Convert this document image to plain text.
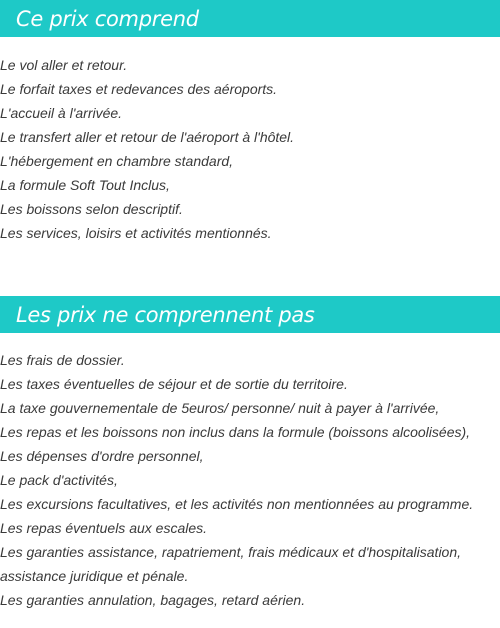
Ce prix comprend
Le vol aller et retour.
Le forfait taxes et redevances des aéroports.
L'accueil à l'arrivée.
Le transfert aller et retour de l'aéroport à l'hôtel.
L'hébergement en chambre standard,
La formule Soft Tout Inclus,
Les boissons selon descriptif.
Les services, loisirs et activités mentionnés.
Les prix ne comprennent pas
Les frais de dossier.
Les taxes éventuelles de séjour et de sortie du territoire.
La taxe gouvernementale de 5euros/ personne/ nuit à payer à l'arrivée,
Les repas et les boissons non inclus dans la formule (boissons alcoolisées),
Les dépenses d'ordre personnel,
Le pack d'activités,
Les excursions facultatives, et les activités non mentionnées au programme.
Les repas éventuels aux escales.
Les garanties assistance, rapatriement, frais médicaux et d'hospitalisation,
assistance juridique et pénale.
Les garanties annulation, bagages, retard aérien.
